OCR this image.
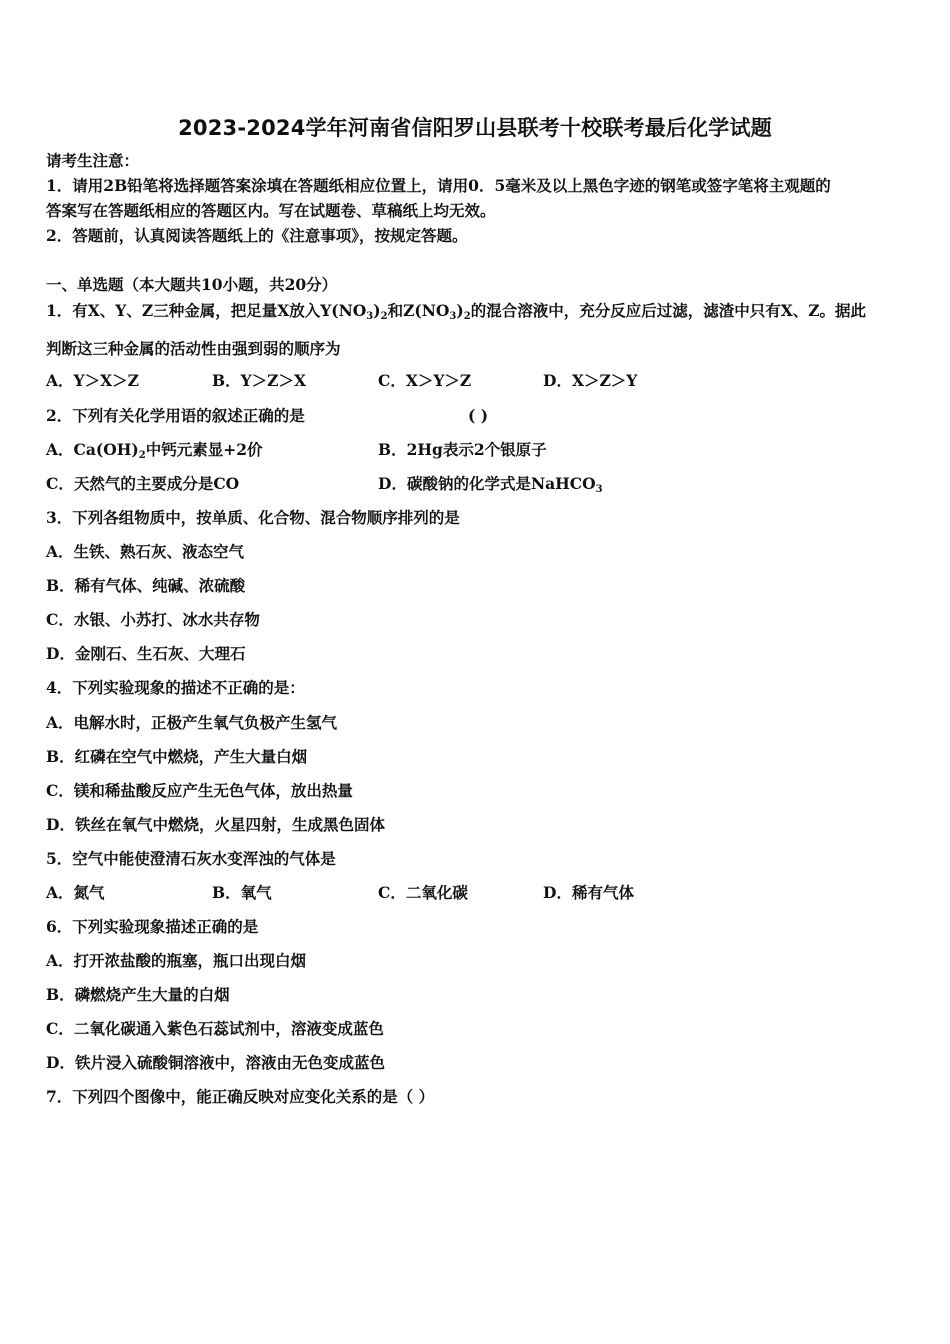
2023-2024学年河南省信阳罗山县联考十校联考最后化学试题
请考生注意：
1．请用2B铅笔将选择题答案涂填在答题纸相应位置上，请用0．5毫米及以上黑色字迹的钢笔或签字笔将主观题的
答案写在答题纸相应的答题区内。写在试题卷、草稿纸上均无效。
2．答题前，认真阅读答题纸上的《注意事项》，按规定答题。
一、单选题（本大题共10小题，共20分）
1．有X、Y、Z三种金属，把足量X放入$Y(NO_3)_2$和$Z(NO_3)_2$的混合溶液中，充分反应后过滤，滤渣中只有X、Z。据此
判断这三种金属的活动性由强到弱的顺序为
A．Y＞X＞Z	B．Y＞Z＞X	C．X＞Y＞Z	D．X＞Z＞Y
2．下列有关化学用语的叙述正确的是	( )
A．$Ca(OH)_2$中钙元素显+2价	B．2Hg表示2个银原子
C．天然气的主要成分是CO	D．碳酸钠的化学式是NaHCO$_3$
3．下列各组物质中，按单质、化合物、混合物顺序排列的是
A．生铁、熟石灰、液态空气
B．稀有气体、纯碱、浓硫酸
C．水银、小苏打、冰水共存物
D．金刚石、生石灰、大理石
4．下列实验现象的描述不正确的是：
A．电解水时，正极产生氧气负极产生氢气
B．红磷在空气中燃烧，产生大量白烟
C．镁和稀盐酸反应产生无色气体，放出热量
D．铁丝在氧气中燃烧，火星四射，生成黑色固体
5．空气中能使澄清石灰水变浑浊的气体是
A．氮气	B．氧气	C．二氧化碳	D．稀有气体
6．下列实验现象描述正确的是
A．打开浓盐酸的瓶塞，瓶口出现白烟
B．磷燃烧产生大量的白烟
C．二氧化碳通入紫色石蕊试剂中，溶液变成蓝色
D．铁片浸入硫酸铜溶液中，溶液由无色变成蓝色
7．下列四个图像中，能正确反映对应变化关系的是（ ）
